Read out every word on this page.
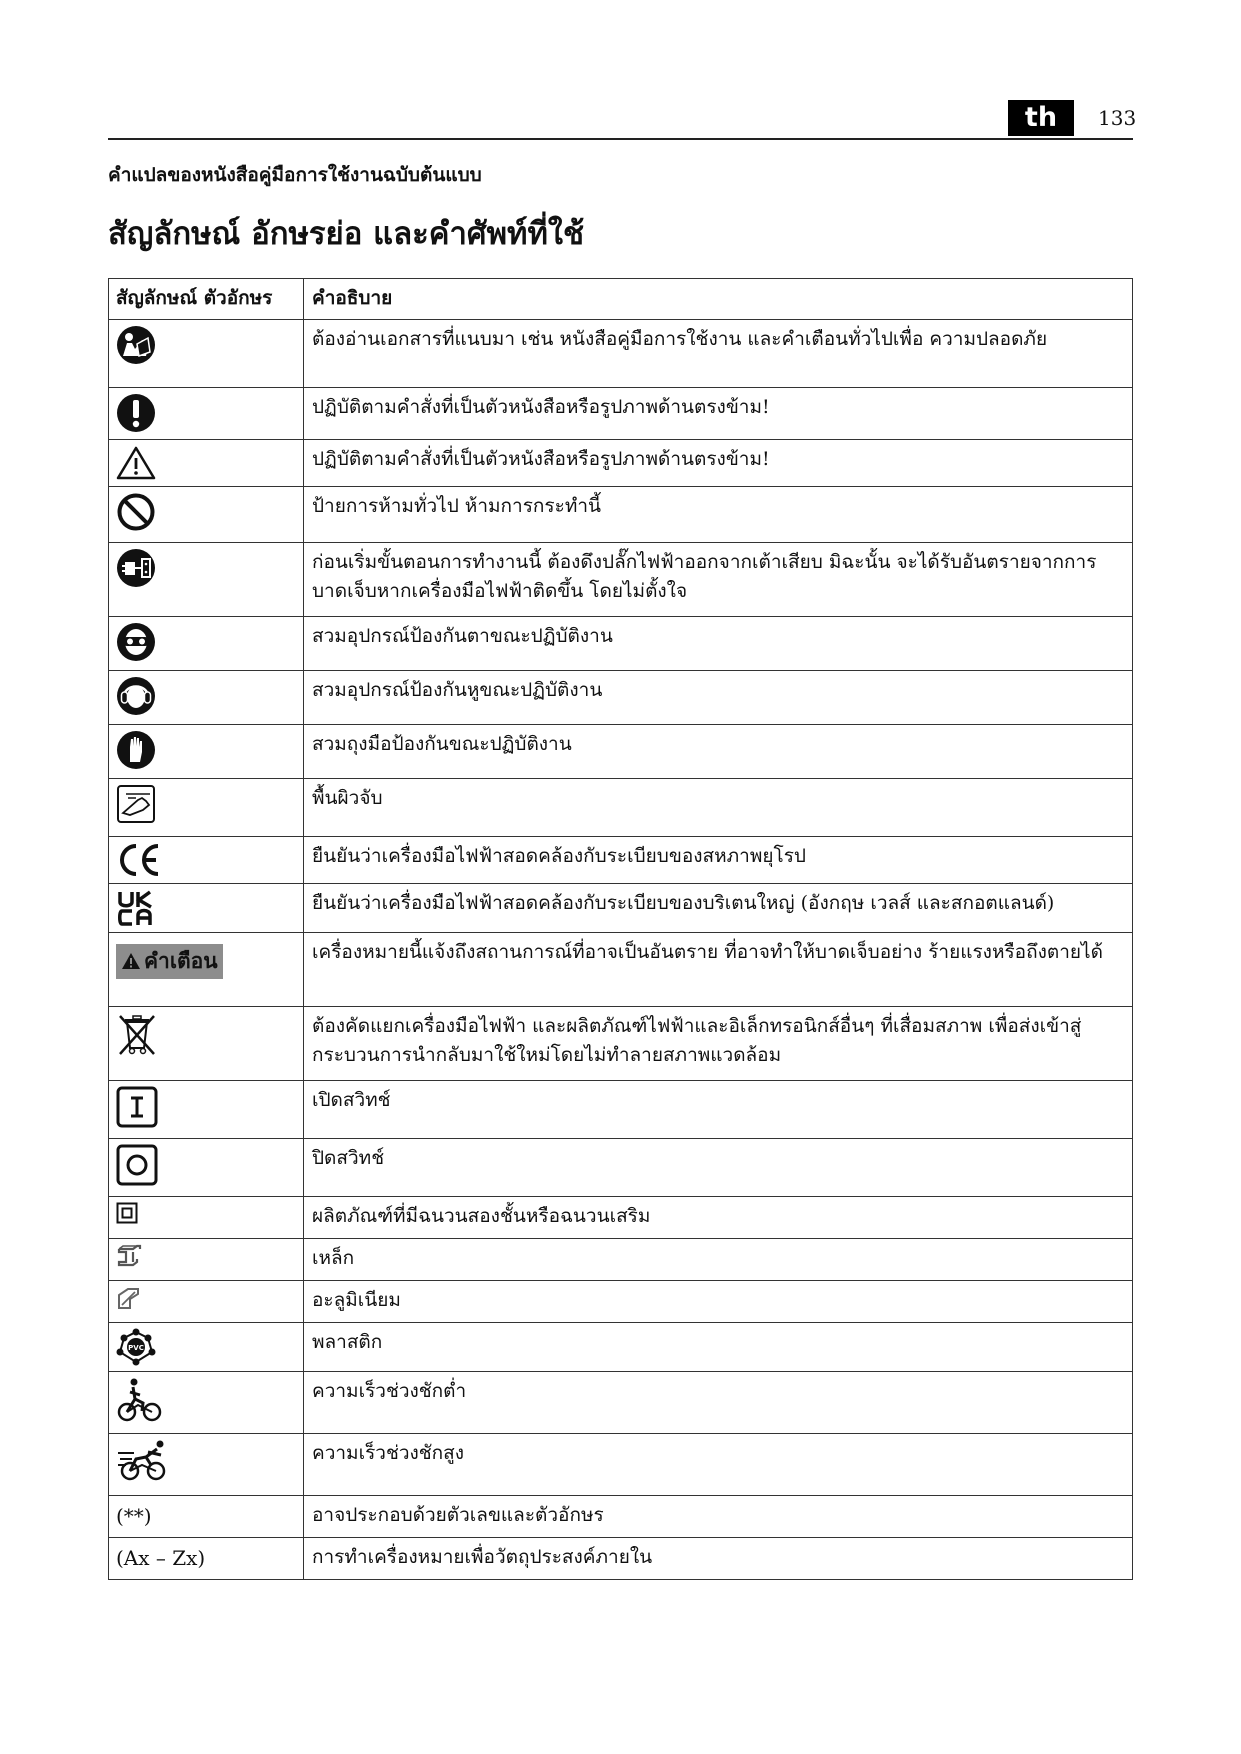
th	133
คำแปลของหนังสือคู่มือการใช้งานฉบับต้นแบบ
สัญลักษณ์ อักษรย่อ และคำศัพท์ที่ใช้
สัญลักษณ์ ตัวอักษร	คำอธิบาย

	ต้องอ่านเอกสารที่แนบมา เช่น หนังสือคู่มือการใช้งาน และคำเตือนทั่วไปเพื่อ ความปลอดภัย

	ปฏิบัติตามคำสั่งที่เป็นตัวหนังสือหรือรูปภาพด้านตรงข้าม!

	ปฏิบัติตามคำสั่งที่เป็นตัวหนังสือหรือรูปภาพด้านตรงข้าม!

	ป้ายการห้ามทั่วไป ห้ามการกระทำนี้

	ก่อนเริ่มขั้นตอนการทำงานนี้ ต้องดึงปลั๊กไฟฟ้าออกจากเต้าเสียบ มิฉะนั้น จะได้รับอันตรายจากการบาดเจ็บหากเครื่องมือไฟฟ้าติดขึ้น โดยไม่ตั้งใจ

	สวมอุปกรณ์ป้องกันตาขณะปฏิบัติงาน

	สวมอุปกรณ์ป้องกันหูขณะปฏิบัติงาน

	สวมถุงมือป้องกันขณะปฏิบัติงาน

	พื้นผิวจับ

	ยืนยันว่าเครื่องมือไฟฟ้าสอดคล้องกับระเบียบของสหภาพยุโรป

	ยืนยันว่าเครื่องมือไฟฟ้าสอดคล้องกับระเบียบของบริเตนใหญ่ (อังกฤษ เวลส์ และสกอตแลนด์)

คำเตือน	เครื่องหมายนี้แจ้งถึงสถานการณ์ที่อาจเป็นอันตราย ที่อาจทำให้บาดเจ็บอย่าง ร้ายแรงหรือถึงตายได้

	ต้องคัดแยกเครื่องมือไฟฟ้า และผลิตภัณฑ์ไฟฟ้าและอิเล็กทรอนิกส์อื่นๆ ที่เสื่อมสภาพ เพื่อส่งเข้าสู่กระบวนการนำกลับมาใช้ใหม่โดยไม่ทำลายสภาพแวดล้อม

	เปิดสวิทช์

	ปิดสวิทช์

	ผลิตภัณฑ์ที่มีฉนวนสองชั้นหรือฉนวนเสริม

	เหล็ก

	อะลูมิเนียม

PVC	พลาสติก

	ความเร็วช่วงชักต่ำ

	ความเร็วช่วงชักสูง
(**)	อาจประกอบด้วยตัวเลขและตัวอักษร
(Ax – Zx)	การทำเครื่องหมายเพื่อวัตถุประสงค์ภายใน
